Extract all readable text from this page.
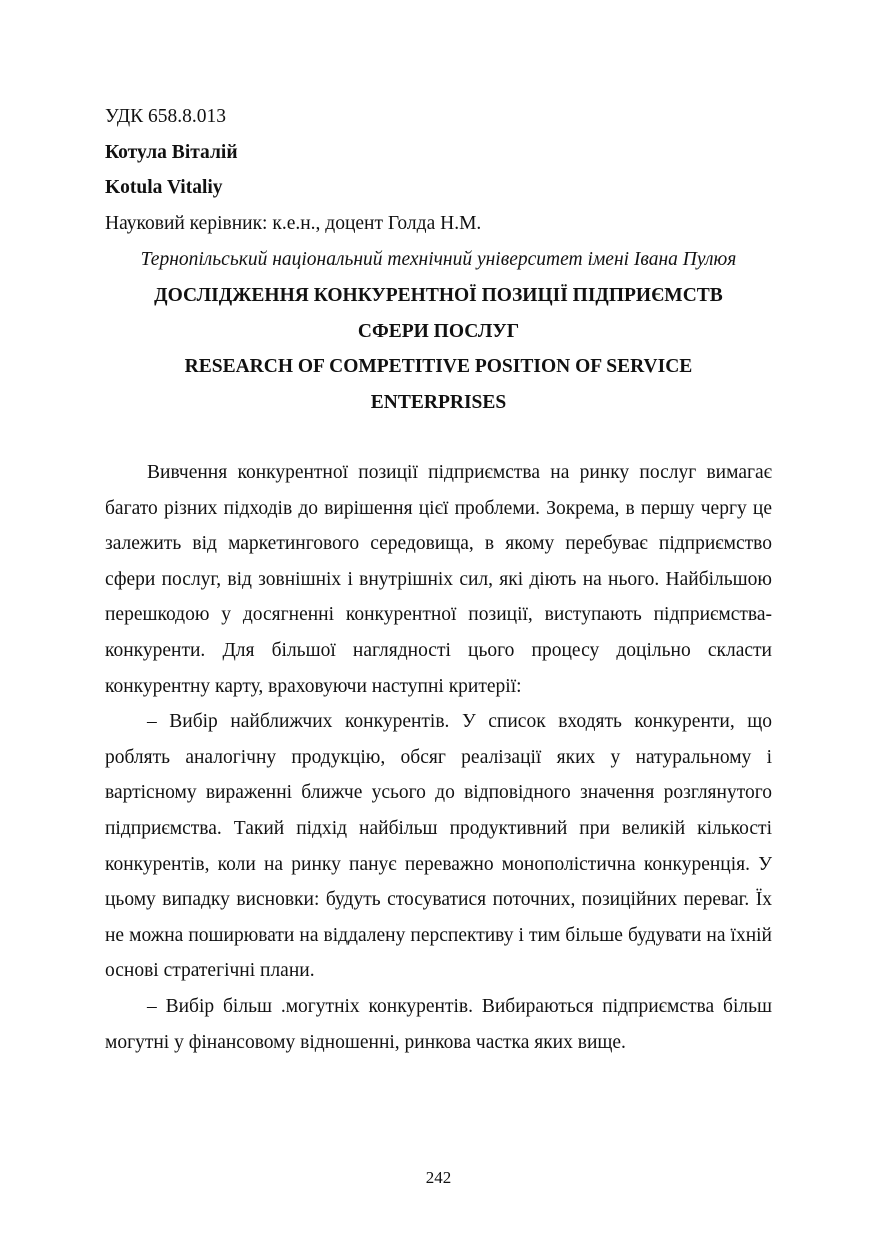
УДК 658.8.013
Котула Віталій
Kotula Vitaliy
Науковий керівник: к.е.н., доцент Голда Н.М.
Тернопільський національний технічний університет імені Івана Пулюя
ДОСЛІДЖЕННЯ КОНКУРЕНТНОЇ ПОЗИЦІЇ ПІДПРИЄМСТВ
СФЕРИ ПОСЛУГ
RESEARCH OF COMPETITIVE POSITION OF SERVICE
ENTERPRISES

Вивчення конкурентної позиції підприємства на ринку послуг вимагає багато різних підходів до вирішення цієї проблеми. Зокрема, в першу чергу це залежить від маркетингового середовища, в якому перебуває підприємство сфери послуг, від зовнішніх і внутрішніх сил, які діють на нього. Найбільшою перешкодою у досягненні конкурентної позиції, виступають підприємства-конкуренти. Для більшої наглядності цього процесу доцільно скласти конкурентну карту, враховуючи наступні критерії:

– Вибір найближчих конкурентів. У список входять конкуренти, що роблять аналогічну продукцію, обсяг реалізації яких у натуральному і вартісному вираженні ближче усього до відповідного значення розглянутого підприємства. Такий підхід найбільш продуктивний при великій кількості конкурентів, коли на ринку панує переважно монополістична конкуренція. У цьому випадку висновки: будуть стосуватися поточних, позиційних переваг. Їх не можна поширювати на віддалену перспективу і тим більше будувати на їхній основі стратегічні плани.

– Вибір більш .могутніх конкурентів. Вибираються підприємства більш могутні у фінансовому відношенні, ринкова частка яких вище.

242
